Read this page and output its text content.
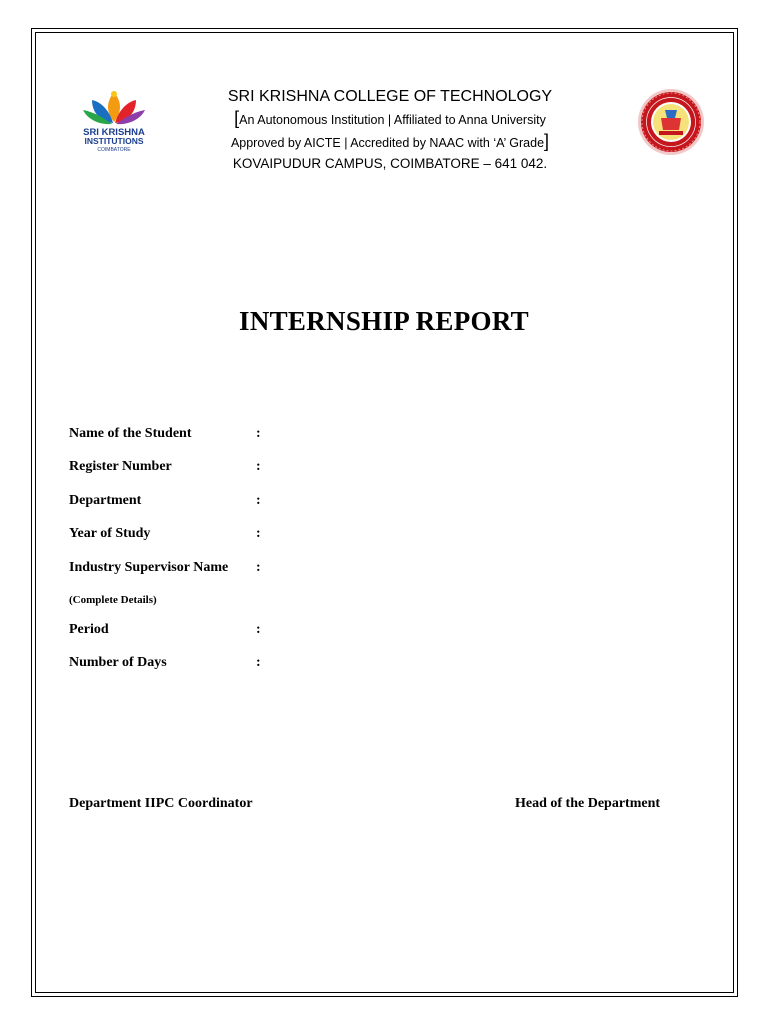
SRI KRISHNA
INSTITUTIONS
COIMBATORE
SRI KRISHNA COLLEGE OF TECHNOLOGY
[An Autonomous Institution | Affiliated to Anna University
Approved by AICTE | Accredited by NAAC with ‘A’ Grade]
KOVAIPUDUR CAMPUS, COIMBATORE – 641 042.
INTERNSHIP REPORT
Name of the Student	:
Register Number	:
Department	:
Year of Study	:
Industry Supervisor Name :
(Complete Details)
Period	:
Number of Days	:
Department IIPC Coordinator	Head of the Department
